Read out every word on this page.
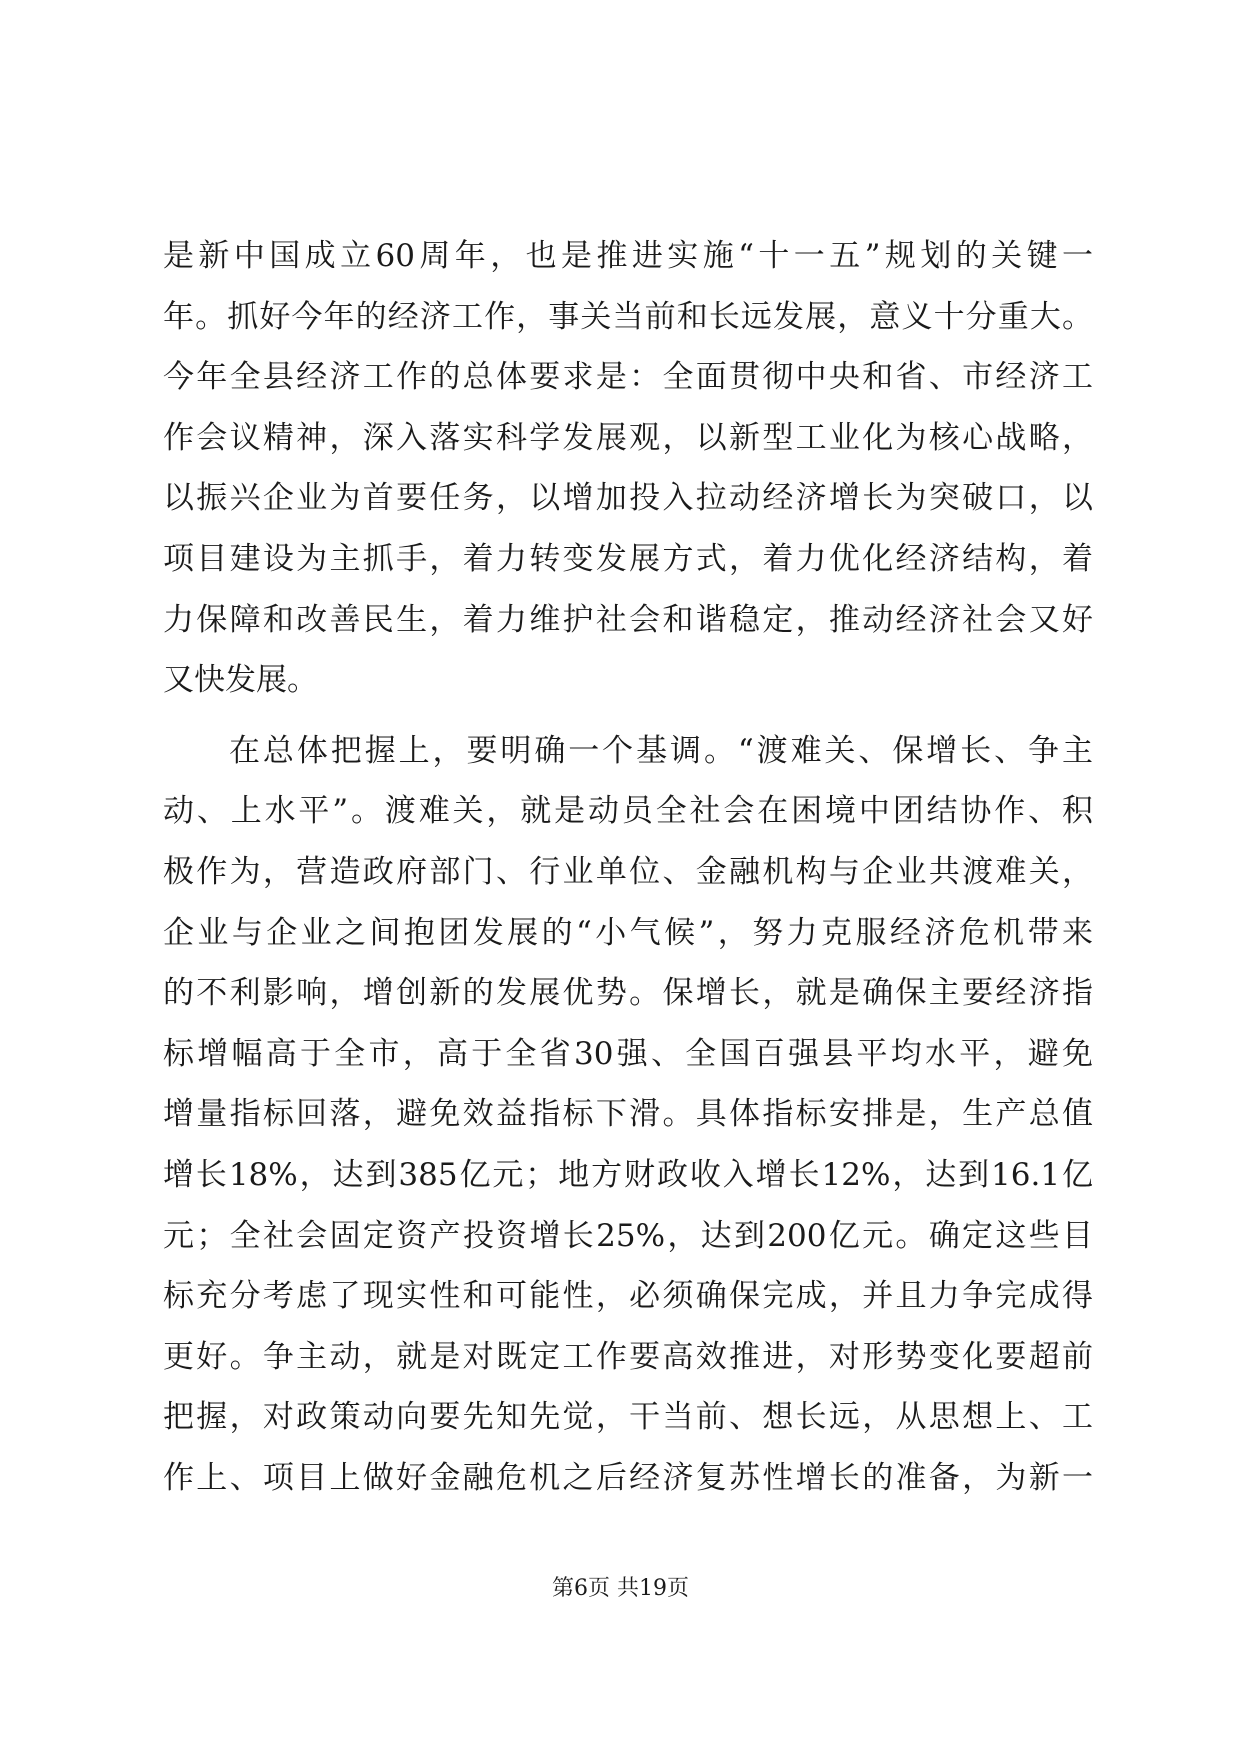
是新中国成立60周年，也是推进实施“十一五”规划的关键一
年。抓好今年的经济工作，事关当前和长远发展，意义十分重大。
今年全县经济工作的总体要求是：全面贯彻中央和省、市经济工
作会议精神，深入落实科学发展观，以新型工业化为核心战略，
以振兴企业为首要任务，以增加投入拉动经济增长为突破口，以
项目建设为主抓手，着力转变发展方式，着力优化经济结构，着
力保障和改善民生，着力维护社会和谐稳定，推动经济社会又好
又快发展。
在总体把握上，要明确一个基调。“渡难关、保增长、争主
动、上水平”。渡难关，就是动员全社会在困境中团结协作、积
极作为，营造政府部门、行业单位、金融机构与企业共渡难关，
企业与企业之间抱团发展的“小气候”，努力克服经济危机带来
的不利影响，增创新的发展优势。保增长，就是确保主要经济指
标增幅高于全市，高于全省30强、全国百强县平均水平，避免
增量指标回落，避免效益指标下滑。具体指标安排是，生产总值
增长18%，达到385亿元；地方财政收入增长12%，达到16.1亿
元；全社会固定资产投资增长25%，达到200亿元。确定这些目
标充分考虑了现实性和可能性，必须确保完成，并且力争完成得
更好。争主动，就是对既定工作要高效推进，对形势变化要超前
把握，对政策动向要先知先觉，干当前、想长远，从思想上、工
作上、项目上做好金融危机之后经济复苏性增长的准备，为新一
第6页 共19页
